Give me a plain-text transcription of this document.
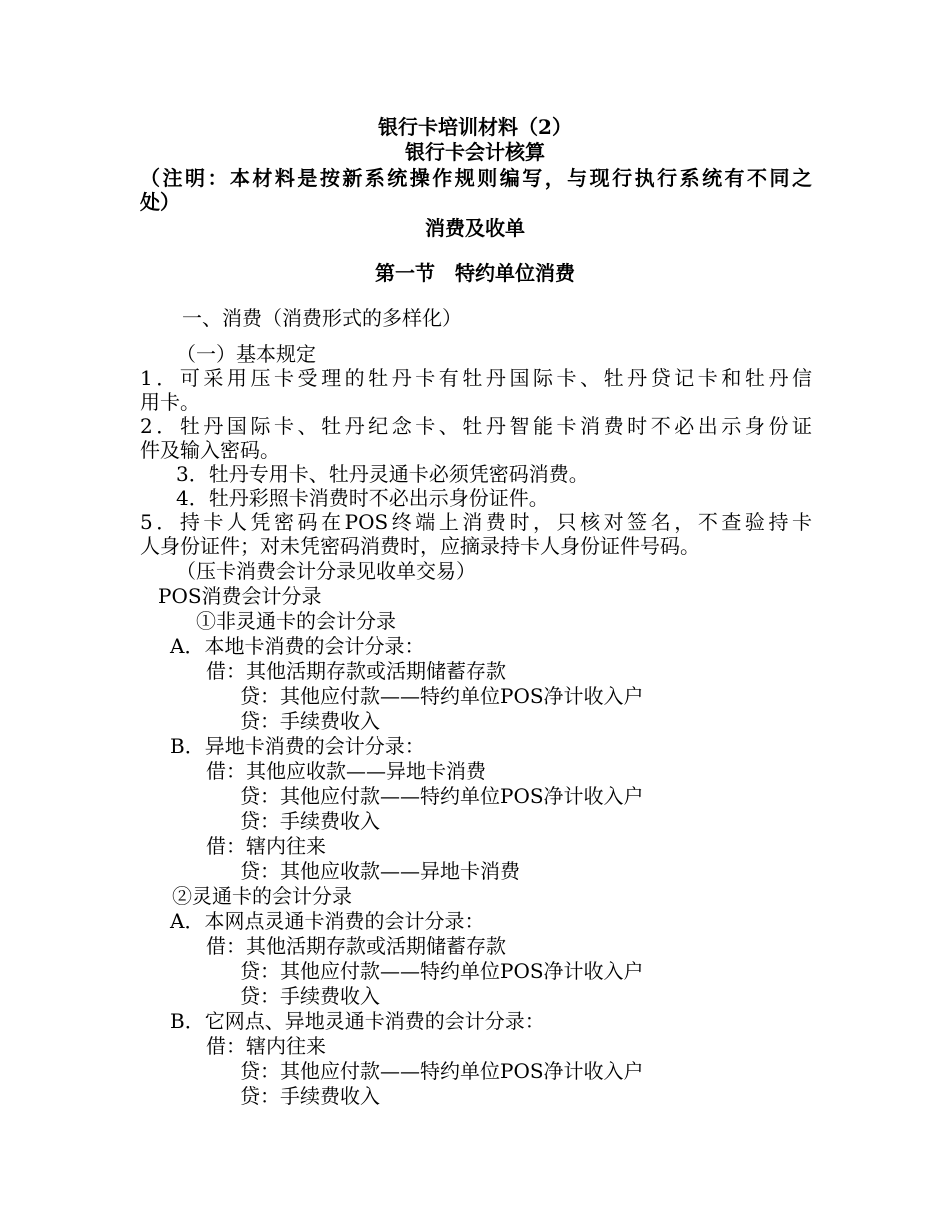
银行卡培训材料（2）
银行卡会计核算
（注明：本材料是按新系统操作规则编写，与现行执行系统有不同之
处）
消费及收单
第一节　特约单位消费
一、消费（消费形式的多样化）
（一）基本规定
1．可采用压卡受理的牡丹卡有牡丹国际卡、牡丹贷记卡和牡丹信
用卡。
2．牡丹国际卡、牡丹纪念卡、牡丹智能卡消费时不必出示身份证
件及输入密码。
3．牡丹专用卡、牡丹灵通卡必须凭密码消费。
4．牡丹彩照卡消费时不必出示身份证件。
5．持卡人凭密码在POS终端上消费时，只核对签名，不查验持卡
人身份证件；对未凭密码消费时，应摘录持卡人身份证件号码。
（压卡消费会计分录见收单交易）
POS消费会计分录
①非灵通卡的会计分录
A．本地卡消费的会计分录：
借：其他活期存款或活期储蓄存款
贷：其他应付款——特约单位POS净计收入户
贷：手续费收入
B．异地卡消费的会计分录：
借：其他应收款——异地卡消费
贷：其他应付款——特约单位POS净计收入户
贷：手续费收入
借：辖内往来
贷：其他应收款——异地卡消费
②灵通卡的会计分录
A．本网点灵通卡消费的会计分录：
借：其他活期存款或活期储蓄存款
贷：其他应付款——特约单位POS净计收入户
贷：手续费收入
B．它网点、异地灵通卡消费的会计分录：
借：辖内往来
贷：其他应付款——特约单位POS净计收入户
贷：手续费收入
